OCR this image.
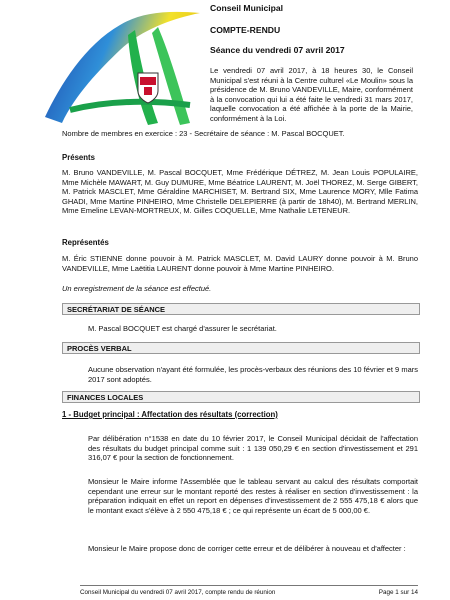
Conseil Municipal
COMPTE-RENDU
Séance du vendredi 07 avril 2017
Le vendredi 07 avril 2017, à 18 heures 30, le Conseil Municipal s'est réuni à la Centre culturel «Le Moulin» sous la présidence de M. Bruno VANDEVILLE, Maire, conformément à la convocation qui lui a été faite le vendredi 31 mars 2017, laquelle convocation a été affichée à la porte de la Mairie, conformément à la Loi.
Nombre de membres en exercice : 23 - Secrétaire de séance : M. Pascal BOCQUET.
Présents
M. Bruno VANDEVILLE, M. Pascal BOCQUET, Mme Frédérique DÉTREZ, M. Jean Louis POPULAIRE, Mme Michèle MAWART, M. Guy DUMURE, Mme Béatrice LAURENT, M. Joël THOREZ, M. Serge GIBERT, M. Patrick MASCLET, Mme Géraldine MARCHISET, M. Bertrand SIX, Mme Laurence MORY, Mlle Fatima GHADI, Mme Martine PINHEIRO, Mme Christelle DELEPIERRE (à partir de 18h40), M. Bertrand MERLIN, Mme Emeline LEVAN-MORTREUX, M. Gilles COQUELLE, Mme Nathalie LETENEUR.
Représentés
M. Éric STIENNE donne pouvoir à M. Patrick MASCLET, M. David LAURY donne pouvoir à M. Bruno VANDEVILLE, Mme Laëtitia LAURENT donne pouvoir à Mme Martine PINHEIRO.
Un enregistrement de la séance est effectué.
SECRÉTARIAT DE SÉANCE
M. Pascal BOCQUET est chargé d'assurer le secrétariat.
PROCÈS VERBAL
Aucune observation n'ayant été formulée, les procès-verbaux des réunions des 10 février et 9 mars 2017 sont adoptés.
FINANCES LOCALES
1 - Budget principal : Affectation des résultats (correction)
Par délibération n°1538 en date du 10 février 2017, le Conseil Municipal décidait de l'affectation des résultats du budget principal comme suit : 1 139 050,29 € en section d'investissement et 291 316,07 € pour la section de fonctionnement.
Monsieur le Maire informe l'Assemblée que le tableau servant au calcul des résultats comportait cependant une erreur sur le montant reporté des restes à réaliser en section d'investissement : la préparation indiquait en effet un report en dépenses d'investissement de 2 555 475,18 € alors que le montant exact s'élève à 2 550 475,18 € ; ce qui représente un écart de 5 000,00 €.
Monsieur le Maire propose donc de corriger cette erreur et de délibérer à nouveau et d'affecter :
Conseil Municipal du vendredi 07 avril 2017, compte rendu de réunion	Page 1 sur 14
